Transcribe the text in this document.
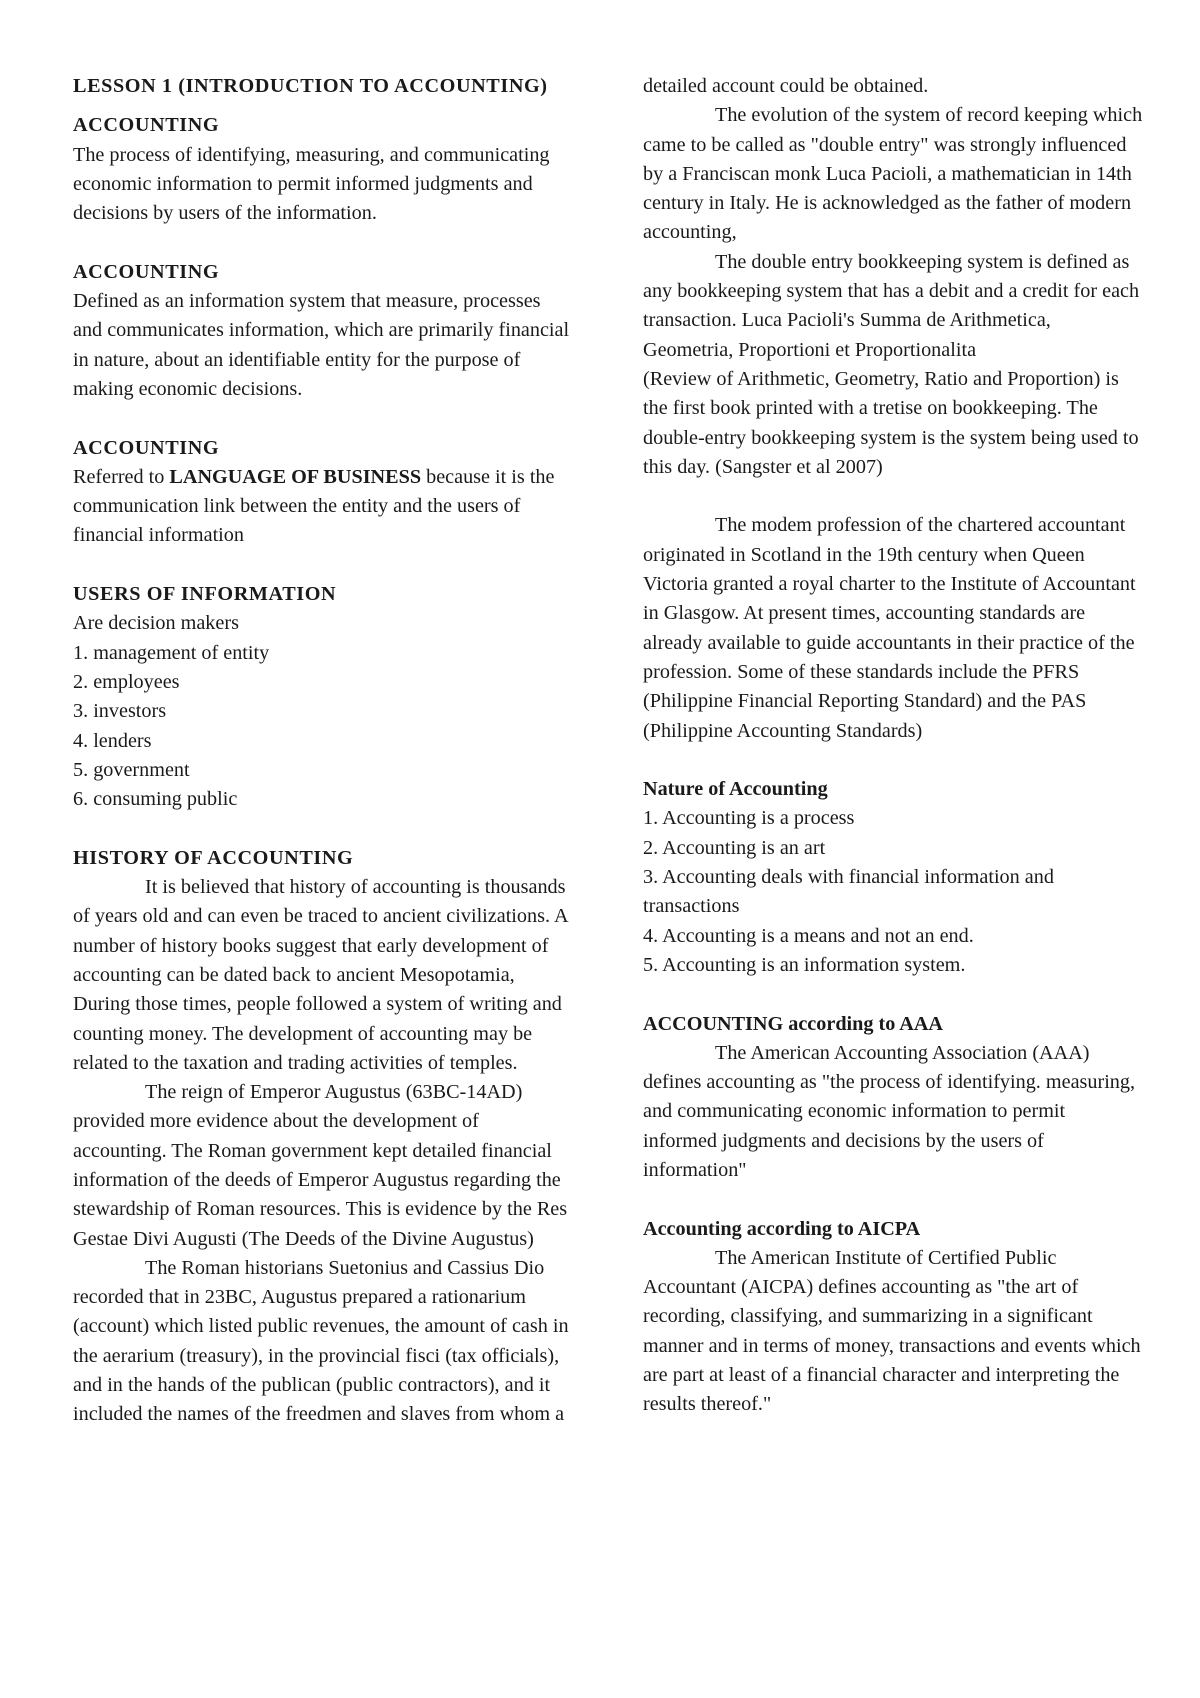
LESSON 1 (INTRODUCTION TO ACCOUNTING)

ACCOUNTING

The process of identifying, measuring, and communicating economic information to permit informed judgments and decisions by users of the information.

ACCOUNTING

Defined as an information system that measure, processes and communicates information, which are primarily financial in nature, about an identifiable entity for the purpose of making economic decisions.

ACCOUNTING

Referred to LANGUAGE OF BUSINESS because it is the communication link between the entity and the users of financial information

USERS OF INFORMATION

Are decision makers

1. management of entity
2. employees
3. investors
4. lenders
5. government
6. consuming public

HISTORY OF ACCOUNTING

It is believed that history of accounting is thousands of years old and can even be traced to ancient civilizations. A number of history books suggest that early development of accounting can be dated back to ancient Mesopotamia, During those times, people followed a system of writing and counting money. The development of accounting may be related to the taxation and trading activities of temples.

The reign of Emperor Augustus (63BC-14AD) provided more evidence about the development of accounting. The Roman government kept detailed financial information of the deeds of Emperor Augustus regarding the stewardship of Roman resources. This is evidence by the Res Gestae Divi Augusti (The Deeds of the Divine Augustus)

The Roman historians Suetonius and Cassius Dio recorded that in 23BC, Augustus prepared a rationarium (account) which listed public revenues, the amount of cash in the aerarium (treasury), in the provincial fisci (tax officials), and in the hands of the publican (public contractors), and it included the names of the freedmen and slaves from whom a

detailed account could be obtained.

The evolution of the system of record keeping which came to be called as "double entry" was strongly influenced by a Franciscan monk Luca Pacioli, a mathematician in 14th century in Italy. He is acknowledged as the father of modern accounting,

The double entry bookkeeping system is defined as any bookkeeping system that has a debit and a credit for each transaction. Luca Pacioli's Summa de Arithmetica, Geometria, Proportioni et Proportionalita

(Review of Arithmetic, Geometry, Ratio and Proportion) is the first book printed with a tretise on bookkeeping. The double-entry bookkeeping system is the system being used to this day. (Sangster et al 2007)

The modem profession of the chartered accountant originated in Scotland in the 19th century when Queen Victoria granted a royal charter to the Institute of Accountant in Glasgow. At present times, accounting standards are already available to guide accountants in their practice of the profession. Some of these standards include the PFRS (Philippine Financial Reporting Standard) and the PAS (Philippine Accounting Standards)

Nature of Accounting

1. Accounting is a process
2. Accounting is an art
3. Accounting deals with financial information and transactions
4. Accounting is a means and not an end.
5. Accounting is an information system.

ACCOUNTING according to AAA

The American Accounting Association (AAA) defines accounting as "the process of identifying. measuring, and communicating economic information to permit informed judgments and decisions by the users of information"

Accounting according to AICPA

The American Institute of Certified Public Accountant (AICPA) defines accounting as "the art of recording, classifying, and summarizing in a significant manner and in terms of money, transactions and events which are part at least of a financial character and interpreting the results thereof."
